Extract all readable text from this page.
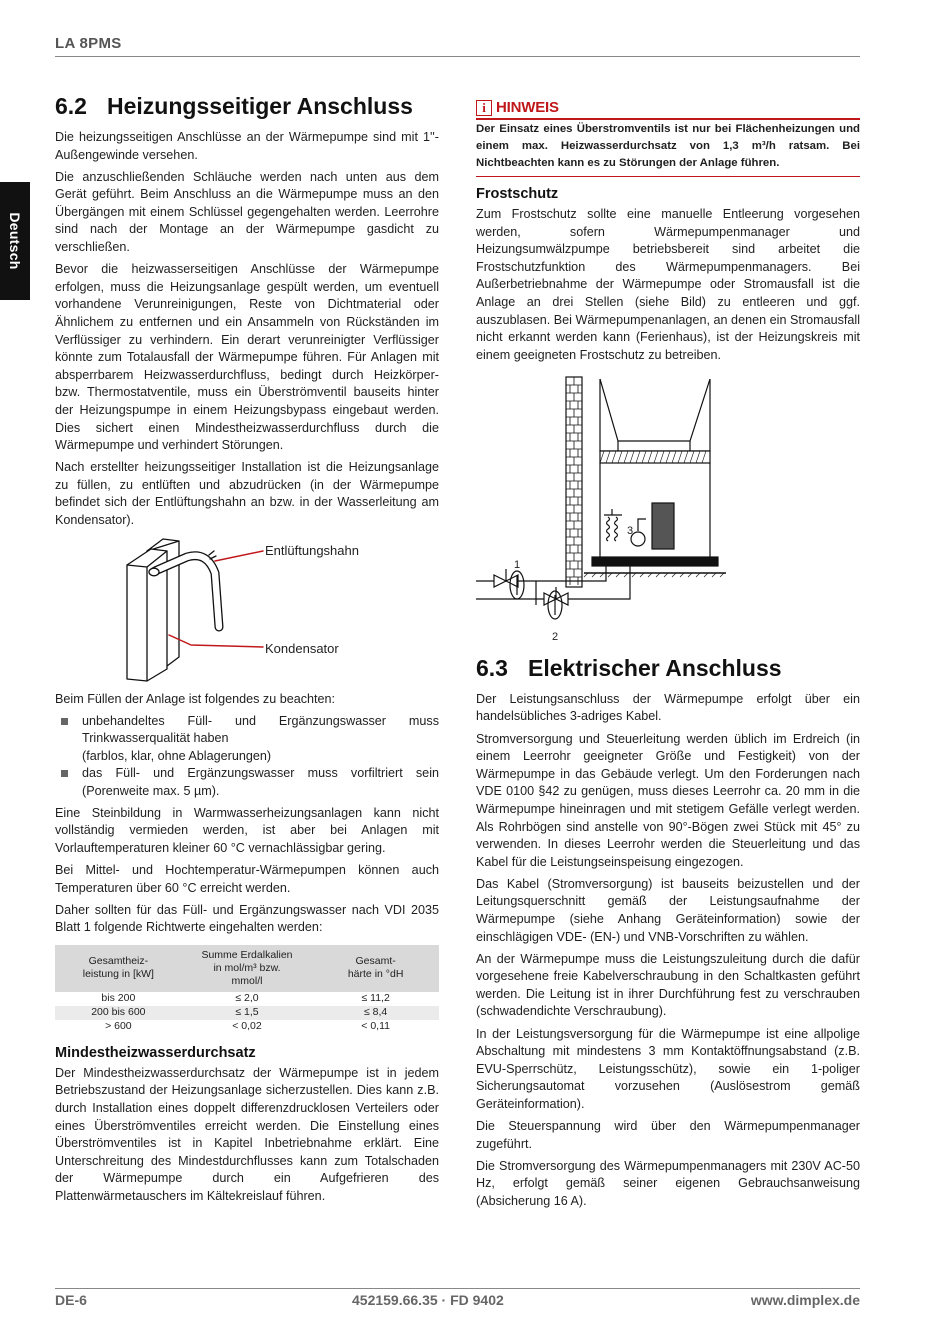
LA 8PMS
Deutsch
6.2 Heizungsseitiger Anschluss

Die heizungsseitigen Anschlüsse an der Wärmepumpe sind mit 1''-Außengewinde versehen.

Die anzuschließenden Schläuche werden nach unten aus dem Gerät geführt. Beim Anschluss an die Wärmepumpe muss an den Übergängen mit einem Schlüssel gegengehalten werden. Leerrohre sind nach der Montage an der Wärmepumpe gasdicht zu verschließen.

Bevor die heizwasserseitigen Anschlüsse der Wärmepumpe erfolgen, muss die Heizungsanlage gespült werden, um eventuell vorhandene Verunreinigungen, Reste von Dichtmaterial oder Ähnlichem zu entfernen und ein Ansammeln von Rückständen im Verflüssiger zu verhindern. Ein derart verunreinigter Verflüssiger könnte zum Totalausfall der Wärmepumpe führen. Für Anlagen mit absperrbarem Heizwasserdurchfluss, bedingt durch Heizkörper- bzw. Thermostatventile, muss ein Überströmventil bauseits hinter der Heizungspumpe in einem Heizungsbypass eingebaut werden. Dies sichert einen Mindestheizwasserdurchfluss durch die Wärmepumpe und verhindert Störungen.

Nach erstellter heizungsseitiger Installation ist die Heizungsanlage zu füllen, zu entlüften und abzudrücken (in der Wärmepumpe befindet sich der Entlüftungshahn an bzw. in der Wasserleitung am Kondensator).

Entlüftungshahn
Kondensator

Beim Füllen der Anlage ist folgendes zu beachten:

unbehandeltes Füll- und Ergänzungswasser muss Trinkwasserqualität haben
(farblos, klar, ohne Ablagerungen)
das Füll- und Ergänzungswasser muss vorfiltriert sein (Porenweite max. 5 µm).

Eine Steinbildung in Warmwasserheizungsanlagen kann nicht vollständig vermieden werden, ist aber bei Anlagen mit Vorlauftemperaturen kleiner 60 °C vernachlässigbar gering.

Bei Mittel- und Hochtemperatur-Wärmepumpen können auch Temperaturen über 60 °C erreicht werden.

Daher sollten für das Füll- und Ergänzungswasser nach VDI 2035 Blatt 1 folgende Richtwerte eingehalten werden:

Gesamtheiz-
leistung in [kW]	Summe Erdalkalien
in mol/m³ bzw.
mmol/l	Gesamt-
härte in °dH
bis 200	≤ 2,0	≤ 11,2
200 bis 600	≤ 1,5	≤ 8,4
> 600	< 0,02	< 0,11
Mindestheizwasserdurchsatz

Der Mindestheizwasserdurchsatz der Wärmepumpe ist in jedem Betriebszustand der Heizungsanlage sicherzustellen. Dies kann z.B. durch Installation eines doppelt differenzdrucklosen Verteilers oder eines Überströmventiles erreicht werden. Die Einstellung eines Überströmventiles ist in Kapitel Inbetriebnahme erklärt. Eine Unterschreitung des Mindestdurchflusses kann zum Totalschaden der Wärmepumpe durch ein Aufgefrieren des Plattenwärmetauschers im Kältekreislauf führen.

i HINWEIS
Der Einsatz eines Überstromventils ist nur bei Flächenheizungen und einem max. Heizwasserdurchsatz von 1,3 m³/h ratsam. Bei Nichtbeachten kann es zu Störungen der Anlage führen.
Frostschutz

Zum Frostschutz sollte eine manuelle Entleerung vorgesehen werden, sofern Wärmepumpenmanager und Heizungsumwälzpumpe betriebsbereit sind arbeitet die Frostschutzfunktion des Wärmepumpenmanagers. Bei Außerbetriebnahme der Wärmepumpe oder Stromausfall ist die Anlage an drei Stellen (siehe Bild) zu entleeren und ggf. auszublasen. Bei Wärmepumpenanlagen, an denen ein Stromausfall nicht erkannt werden kann (Ferienhaus), ist der Heizungskreis mit einem geeigneten Frostschutz zu betreiben.

1
2
3
6.3 Elektrischer Anschluss

Der Leistungsanschluss der Wärmepumpe erfolgt über ein handelsübliches 3-adriges Kabel.

Stromversorgung und Steuerleitung werden üblich im Erdreich (in einem Leerrohr geeigneter Größe und Festigkeit) von der Wärmepumpe in das Gebäude verlegt. Um den Forderungen nach VDE 0100 §42 zu genügen, muss dieses Leerrohr ca. 20 mm in die Wärmepumpe hineinragen und mit stetigem Gefälle verlegt werden. Als Rohrbögen sind anstelle von 90°-Bögen zwei Stück mit 45° zu verwenden. In dieses Leerrohr werden die Steuerleitung und das Kabel für die Leistungseinspeisung eingezogen.

Das Kabel (Stromversorgung) ist bauseits beizustellen und der Leitungsquerschnitt gemäß der Leistungsaufnahme der Wärmepumpe (siehe Anhang Geräteinformation) sowie der einschlägigen VDE- (EN-) und VNB-Vorschriften zu wählen.

An der Wärmepumpe muss die Leistungszuleitung durch die dafür vorgesehene freie Kabelverschraubung in den Schaltkasten geführt werden. Die Leitung ist in ihrer Durchführung fest zu verschrauben (schwadendichte Verschraubung).

In der Leistungsversorgung für die Wärmepumpe ist eine allpolige Abschaltung mit mindestens 3 mm Kontaktöffnungsabstand (z.B. EVU-Sperrschütz, Leistungsschütz), sowie ein 1-poliger Sicherungsautomat vorzusehen (Auslösestrom gemäß Geräteinformation).

Die Steuerspannung wird über den Wärmepumpenmanager zugeführt.

Die Stromversorgung des Wärmepumpenmanagers mit 230V AC-50 Hz, erfolgt gemäß seiner eigenen Gebrauchsanweisung (Absicherung 16 A).

DE-6	452159.66.35 · FD 9402	www.dimplex.de
